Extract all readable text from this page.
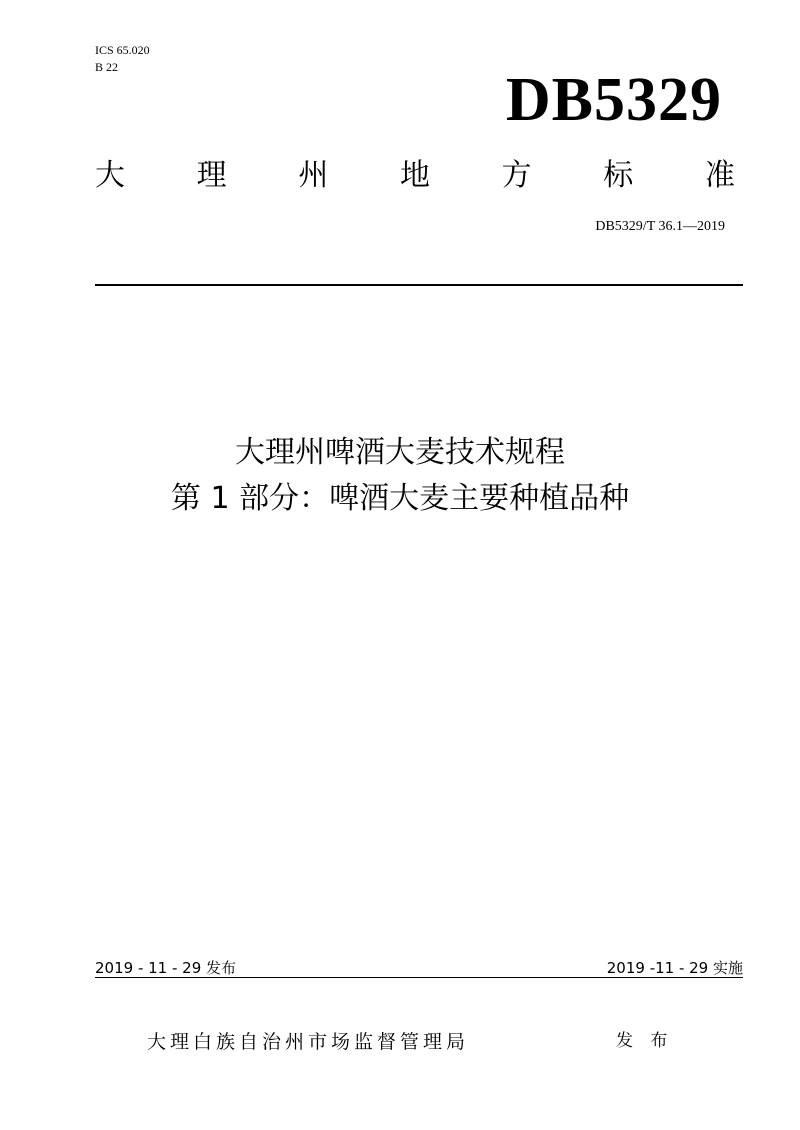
ICS 65.020
B 22	DB5329
大 理 州 地 方 标 准
DB5329/T 36.1—2019
大理州啤酒大麦技术规程
第 1 部分：啤酒大麦主要种植品种
2019 - 11 - 29 发布	2019 -11 - 29 实施
大理白族自治州市场监督管理局	发 布
